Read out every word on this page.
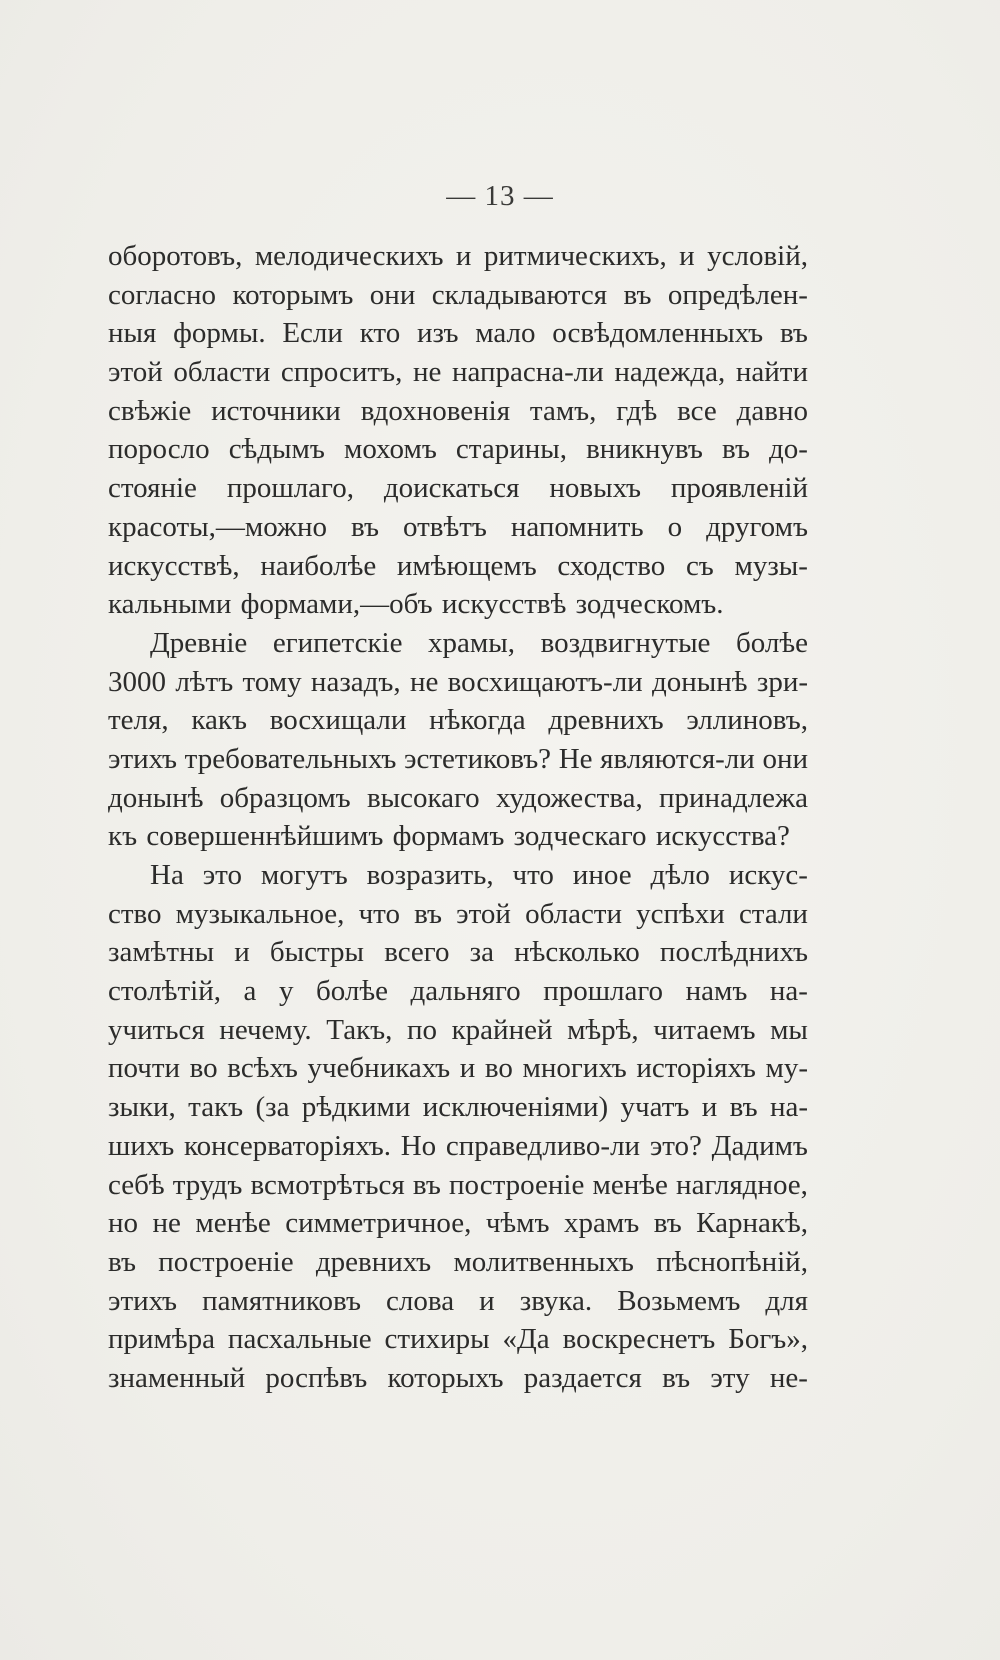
— 13 —
оборотовъ, мелодическихъ и ритмическихъ, и условій,
согласно которымъ они складываются въ опредѣлен-
ныя формы. Если кто изъ мало освѣдомленныхъ въ
этой области спроситъ, не напрасна-ли надежда, найти
свѣжіе источники вдохновенія тамъ, гдѣ все давно
поросло сѣдымъ мохомъ старины, вникнувъ въ до-
стояніе прошлаго, доискаться новыхъ проявленій
красоты,—можно въ отвѣтъ напомнить о другомъ
искусствѣ, наиболѣе имѣющемъ сходство съ музы-
кальными формами,—объ искусствѣ зодческомъ.
Древніе египетскіе храмы, воздвигнутые болѣе
3000 лѣтъ тому назадъ, не восхищаютъ-ли донынѣ зри-
теля, какъ восхищали нѣкогда древнихъ эллиновъ,
этихъ требовательныхъ эстетиковъ? Не являются-ли они
донынѣ образцомъ высокаго художества, принадлежа
къ совершеннѣйшимъ формамъ зодческаго искусства?
На это могутъ возразить, что иное дѣло искус-
ство музыкальное, что въ этой области успѣхи стали
замѣтны и быстры всего за нѣсколько послѣднихъ
столѣтій, а у болѣе дальняго прошлаго намъ на-
учиться нечему. Такъ, по крайней мѣрѣ, читаемъ мы
почти во всѣхъ учебникахъ и во многихъ исторіяхъ му-
зыки, такъ (за рѣдкими исключеніями) учатъ и въ на-
шихъ консерваторіяхъ. Но справедливо-ли это? Дадимъ
себѣ трудъ всмотрѣться въ построеніе менѣе наглядное,
но не менѣе симметричное, чѣмъ храмъ въ Карнакѣ,
въ построеніе древнихъ молитвенныхъ пѣснопѣній,
этихъ памятниковъ слова и звука. Возьмемъ для
примѣра пасхальные стихиры «Да воскреснетъ Богъ»,
знаменный роспѣвъ которыхъ раздается въ эту не-
